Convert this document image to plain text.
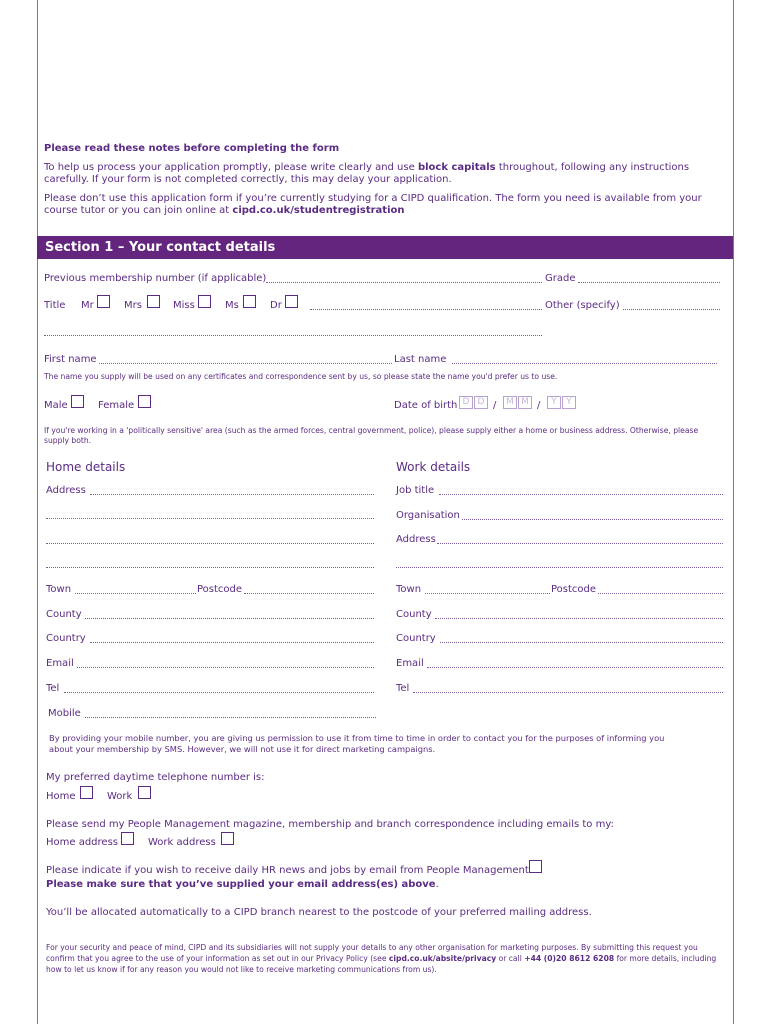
Please read these notes before completing the form
To help us process your application promptly, please write clearly and use block capitals throughout, following any instructions
carefully. If your form is not completed correctly, this may delay your application.
Please don’t use this application form if you’re currently studying for a CIPD qualification. The form you need is available from your
course tutor or you can join online at cipd.co.uk/studentregistration
Section 1 – Your contact details
Previous membership number (if applicable)	Grade
Title Mr	Mrs	Miss	Ms	Dr	Other (specify)
First name	Last name
The name you supply will be used on any certificates and correspondence sent by us, so please state the name you'd prefer us to use.
Male	Female	Date of birth D D /	M M /	Y	Y
If you're working in a 'politically sensitive' area (such as the armed forces, central government, police), please supply either a home or business address. Otherwise, please
supply both.
Home details
Address
Town	Postcode
County
Country
Email
Tel
Mobile
Work details
Job title
Organisation
Address
Town	Postcode
County
Country
Email
Tel
By providing your mobile number, you are giving us permission to use it from time to time in order to contact you for the purposes of informing you
about your membership by SMS. However, we will not use it for direct marketing campaigns.
My preferred daytime telephone number is:
Home	Work
Please send my People Management magazine, membership and branch correspondence including emails to my:
Home address	Work address
Please indicate if you wish to receive daily HR news and jobs by email from People Management
Please make sure that you’ve supplied your email address(es) above.
You’ll be allocated automatically to a CIPD branch nearest to the postcode of your preferred mailing address.
For your security and peace of mind, CIPD and its subsidiaries will not supply your details to any other organisation for marketing purposes. By submitting this request you
confirm that you agree to the use of your information as set out in our Privacy Policy (see cipd.co.uk/absite/privacy or call +44 (0)20 8612 6208 for more details, including
how to let us know if for any reason you would not like to receive marketing communications from us).
